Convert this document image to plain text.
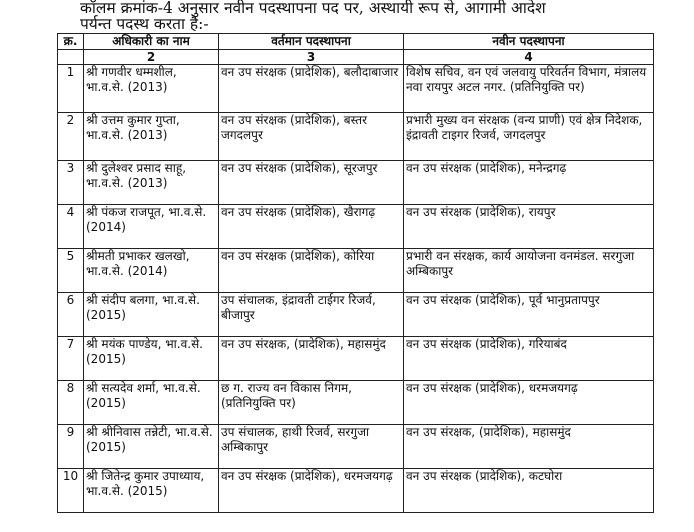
कॉलम क्रमांक-4 अनुसार नवीन पदस्थापना पद पर, अस्थायी रूप से, आगामी आदेश
पर्यन्त पदस्थ करता है:-
क्र.	अधिकारी का नाम	वर्तमान पदस्थापना	नवीन पदस्थापना
	2	3	4
1	श्री गणवीर धम्मशील, भा.व.से. (2013)	वन उप संरक्षक (प्रादेशिक), बलौदाबाजार	विशेष सचिव, वन एवं जलवायु परिवर्तन विभाग, मंत्रालय नवा रायपुर अटल नगर. (प्रतिनियुक्ति पर)
2	श्री उत्तम कुमार गुप्ता, भा.व.से. (2013)	वन उप संरक्षक (प्रादेशिक), बस्तर जगदलपुर	प्रभारी मुख्य वन संरक्षक (वन्य प्राणी) एवं क्षेत्र निदेशक, इंद्रावती टाइगर रिजर्व, जगदलपुर
3	श्री दुलेश्वर प्रसाद साहू, भा.व.से. (2013)	वन उप संरक्षक (प्रादेशिक), सूरजपुर	वन उप संरक्षक (प्रादेशिक), मनेन्द्रगढ़
4	श्री पंकज राजपूत, भा.व.से. (2014)	वन उप संरक्षक (प्रादेशिक), खैरागढ़	वन उप संरक्षक (प्रादेशिक), रायपुर
5	श्रीमती प्रभाकर खलखो, भा.व.से. (2014)	वन उप संरक्षक (प्रादेशिक), कोरिया	प्रभारी वन संरक्षक, कार्य आयोजना वनमंडल. सरगुजा अम्बिकापुर
6	श्री संदीप बलगा, भा.व.से. (2015)	उप संचालक, इंद्रावती टाईगर रिजर्व, बीजापुर	वन उप संरक्षक (प्रादेशिक), पूर्व भानुप्रतापपुर
7	श्री मयंक पाण्डेय, भा.व.से. (2015)	वन उप संरक्षक, (प्रादेशिक), महासमुंद	वन उप संरक्षक (प्रादेशिक), गरियाबंद
8	श्री सत्यदेव शर्मा, भा.व.से. (2015)	छ ग. राज्य वन विकास निगम, (प्रतिनियुक्ति पर)	वन उप संरक्षक (प्रादेशिक), धरमजयगढ़
9	श्री श्रीनिवास तन्नेटी, भा.व.से. (2015)	उप संचालक, हाथी रिजर्व, सरगुजा अम्बिकापुर	वन उप संरक्षक, (प्रादेशिक), महासमुंद
10	श्री जितेन्द्र कुमार उपाध्याय, भा.व.से. (2015)	वन उप संरक्षक (प्रादेशिक), धरमजयगढ़	वन उप संरक्षक (प्रादेशिक), कटघोरा
